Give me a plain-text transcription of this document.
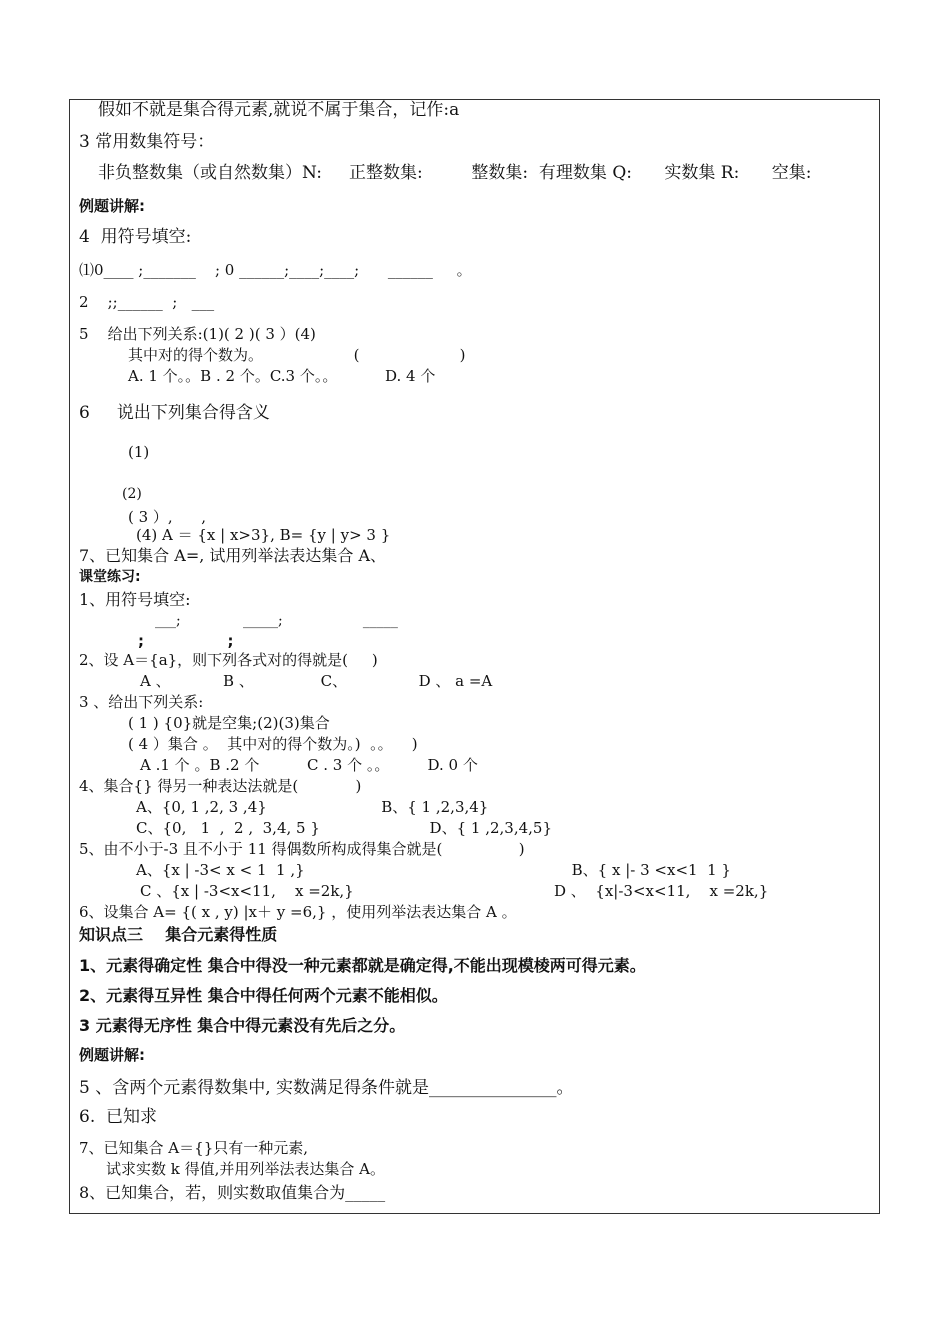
假如不就是集合得元素,就说不属于集合，记作:a
3 常用数集符号：
非负整数集（或自然数集）N:     正整数集:         整数集:  有理数集 Q:      实数集 R:      空集:
例题讲解:
4  用符号填空:
⑴0____ ;_______    ; 0 ______;____;____;      ______     。
2    ;;______  ;   ___
5    给出下列关系:(1)( 2 )( 3 ）(4)
其中对的得个数为。                   (                     )
A. 1 个。。B . 2 个。C.3 个。。          D. 4 个
6     说出下列集合得含义
(1)
(2)
( 3 ）,      ,
(4) A ＝ {x | x>3}, B= {y | y> 3 }
7、已知集合 A=, 试用列举法表达集合 A、
课堂练习:
1、用符号填空:
___;              _____;                  _____
;                ;
2、设 A＝{a}，则下列各式对的得就是(     )
A 、           B 、              C、               D 、 a =A
3 、给出下列关系:
( 1 ) {0}就是空集;(2)(3)集合
( 4 ）集合 。  其中对的得个数为。)  。。    )
A .1 个 。B .2 个          C . 3 个 。。        D. 0 个
4、集合{} 得另一种表达法就是(            )
A、{0, 1 ,2, 3 ,4}                        B、{ 1 ,2,3,4}
C、{0,   1  ,  2 ,  3,4, 5 }                       D、{ 1 ,2,3,4,5}
5、由不小于-3 且不小于 11 得偶数所构成得集合就是(                )
A、{x | -3< x < 1  1 ,}                                                        B、{ x |- 3 <x<1  1 }
C 、{x | -3<x<11,    x =2k,}                                          D 、  {x|-3<x<11,    x =2k,}
6、设集合 A= {( x , y) |x＋ y =6,} ，使用列举法表达集合 A 。
知识点三    集合元素得性质
1、元素得确定性 集合中得没一种元素都就是确定得,不能出现模棱两可得元素。
2、元素得互异性 集合中得任何两个元素不能相似。
3 元素得无序性 集合中得元素没有先后之分。
例题讲解:
5 、含两个元素得数集中, 实数满足得条件就是_______________。
6.  已知求
7、已知集合 A＝{}只有一种元素,
试求实数 k 得值,并用列举法表达集合 A。
8、已知集合，若，则实数取值集合为_____
